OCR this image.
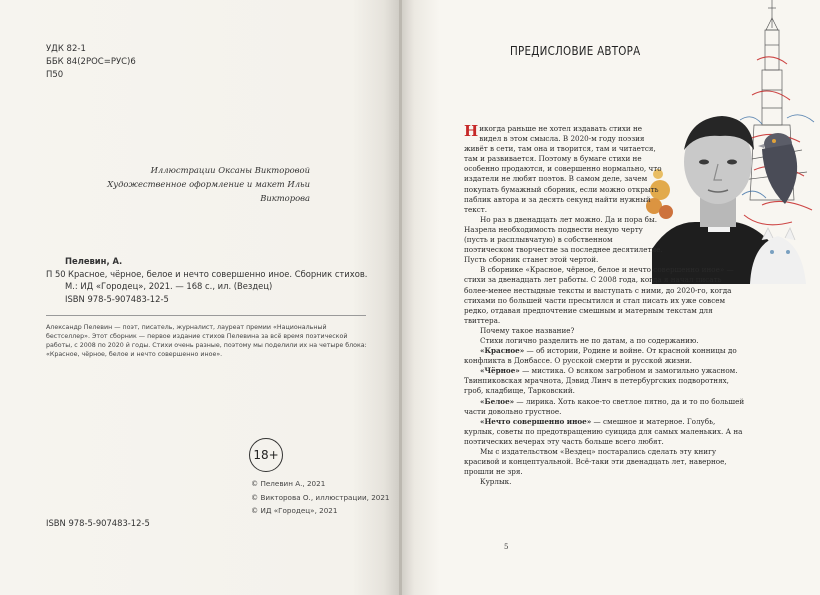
УДК 82-1
ББК 84(2РОС=РУС)6
П50
Иллюстрации Оксаны Викторовой
Художественное оформление и макет Ильи Викторова
Пелевин, А.
П 50 Красное, чёрное, белое и нечто совершенно иное. Сборник стихов.
М.: ИД «Городец», 2021. — 168 с., ил. (Вездец)
ISBN 978-5-907483-12-5
Александр Пелевин — поэт, писатель, журналист, лауреат премии «Национальный бестселлер». Этот сборник — первое издание стихов Пелевина за всё время поэтической работы, с 2008 по 2020 й годы. Стихи очень разные, поэтому мы поделили их на четыре блока: «Красное, чёрное, белое и нечто совершенно иное».
18+

© Пелевин А., 2021

© Викторова О., иллюстрации, 2021

© ИД «Городец», 2021

ISBN 978-5-907483-12-5
ПРЕДИСЛОВИЕ АВТОРА

Никогда раньше не хотел издавать стихи не видел в этом смысла. В 2020-м году поэзия живёт в сети, там она и творится, там и читается, там и развивается. Поэтому в бумаге стихи не особенно продаются, и совершенно нормально, что издатели не любят поэтов. В самом деле, зачем покупать бумажный сборник, если можно открыть паблик автора и за десять секунд найти нужный текст.

Но раз в двенадцать лет можно. Да и пора бы. Назрела необходимость подвести некую черту (пусть и расплывчатую) в собственном поэтическом творчестве за последнее десятилетие. Пусть сборник станет этой чертой.

В сборнике «Красное, чёрное, белое и нечто совершенно иное» — стихи за двенадцать лет работы. С 2008 года, когда я начал писать более-менее нестыдные тексты и выступать с ними, до 2020-го, когда стихами по большей части пресытился и стал писать их уже совсем редко, отдавая предпочтение смешным и матерным текстам для твиттера.

Почему такое название?

Стихи логично разделить не по датам, а по содержанию.

«Красное» — об истории, Родине и войне. От красной конницы до конфликта в Донбассе. О русской смерти и русской жизни.

«Чёрное» — мистика. О всяком загробном и замогильно ужасном. Твинпиковская мрачнота, Дэвид Линч в петербургских подворотнях, гроб, кладбище, Тарковский.

«Белое» — лирика. Хоть какое-то светлое пятно, да и то по большей части довольно грустное.

«Нечто совершенно иное» — смешное и матерное. Голубь, курлык, советы по предотвращению суицида для самых маленьких. А на поэтических вечерах эту часть больше всего любят.

Мы с издательством «Вездец» постарались сделать эту книгу красивой и концептуальной. Всё-таки эти двенадцать лет, наверное, прошли не зря.

Курлык.

5
